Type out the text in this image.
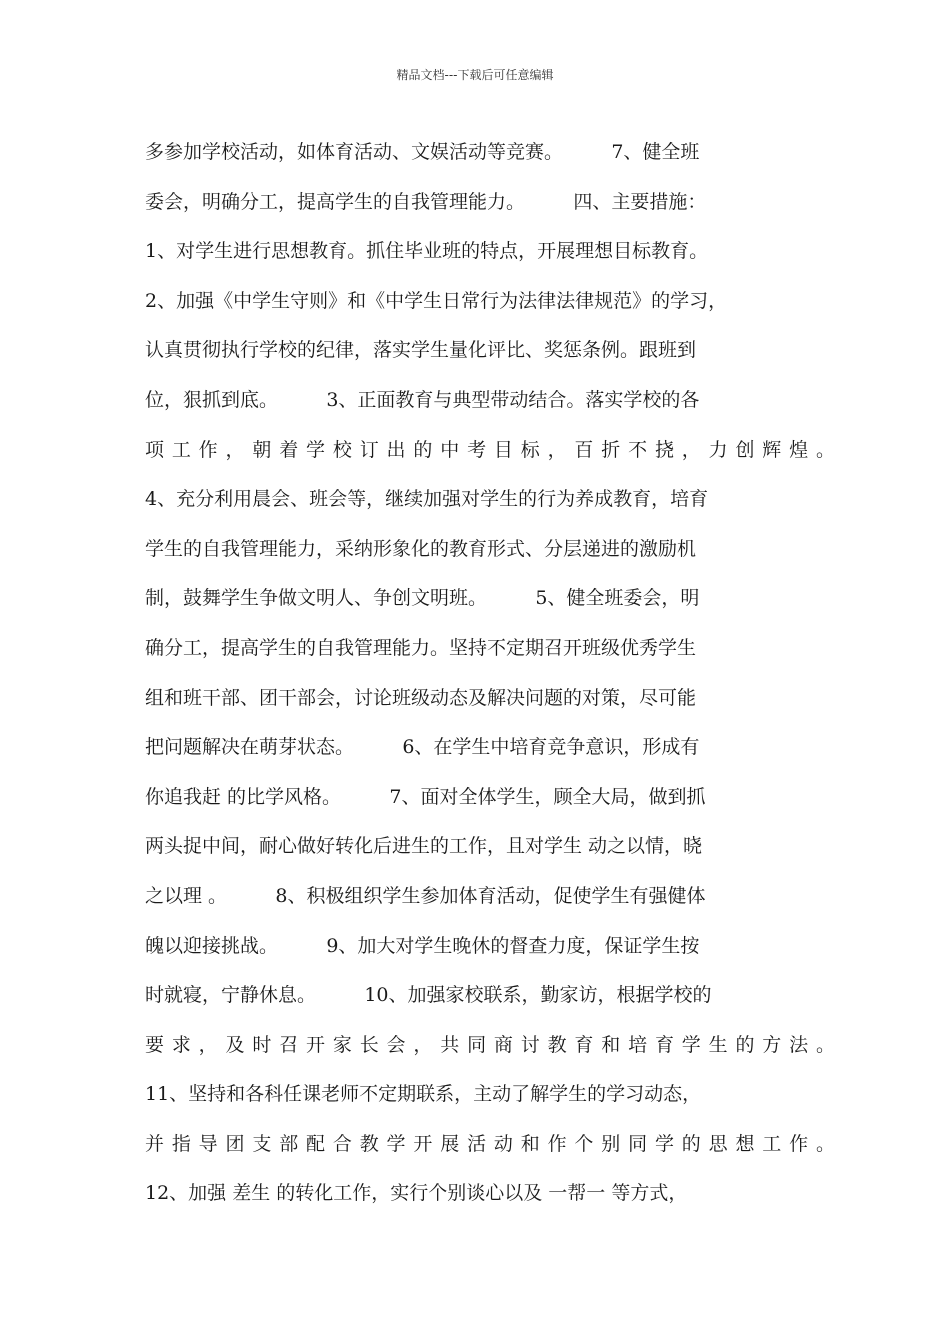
精品文档---下载后可任意编辑
多参加学校活动，如体育活动、文娱活动等竞赛。        7、健全班
委会，明确分工，提高学生的自我管理能力。        四、主要措施：
1、对学生进行思想教育。抓住毕业班的特点，开展理想目标教育。
2、加强《中学生守则》和《中学生日常行为法律法律规范》的学习，
认真贯彻执行学校的纪律，落实学生量化评比、奖惩条例。跟班到
位，狠抓到底。        3、正面教育与典型带动结合。落实学校的各
项工作，朝着学校订出的中考目标，百折不挠，力创辉煌。
4、充分利用晨会、班会等，继续加强对学生的行为养成教育，培育
学生的自我管理能力，采纳形象化的教育形式、分层递进的激励机
制，鼓舞学生争做文明人、争创文明班。        5、健全班委会，明
确分工，提高学生的自我管理能力。坚持不定期召开班级优秀学生
组和班干部、团干部会，讨论班级动态及解决问题的对策，尽可能
把问题解决在萌芽状态。        6、在学生中培育竞争意识，形成有
你追我赶 的比学风格。        7、面对全体学生，顾全大局，做到抓
两头捉中间，耐心做好转化后进生的工作，且对学生 动之以情，晓
之以理 。        8、积极组织学生参加体育活动，促使学生有强健体
魄以迎接挑战。        9、加大对学生晚休的督查力度，保证学生按
时就寝，宁静休息。        10、加强家校联系，勤家访，根据学校的
要求，及时召开家长会，共同商讨教育和培育学生的方法。
11、坚持和各科任课老师不定期联系，主动了解学生的学习动态，
并指导团支部配合教学开展活动和作个别同学的思想工作。
12、加强 差生 的转化工作，实行个别谈心以及 一帮一 等方式，
